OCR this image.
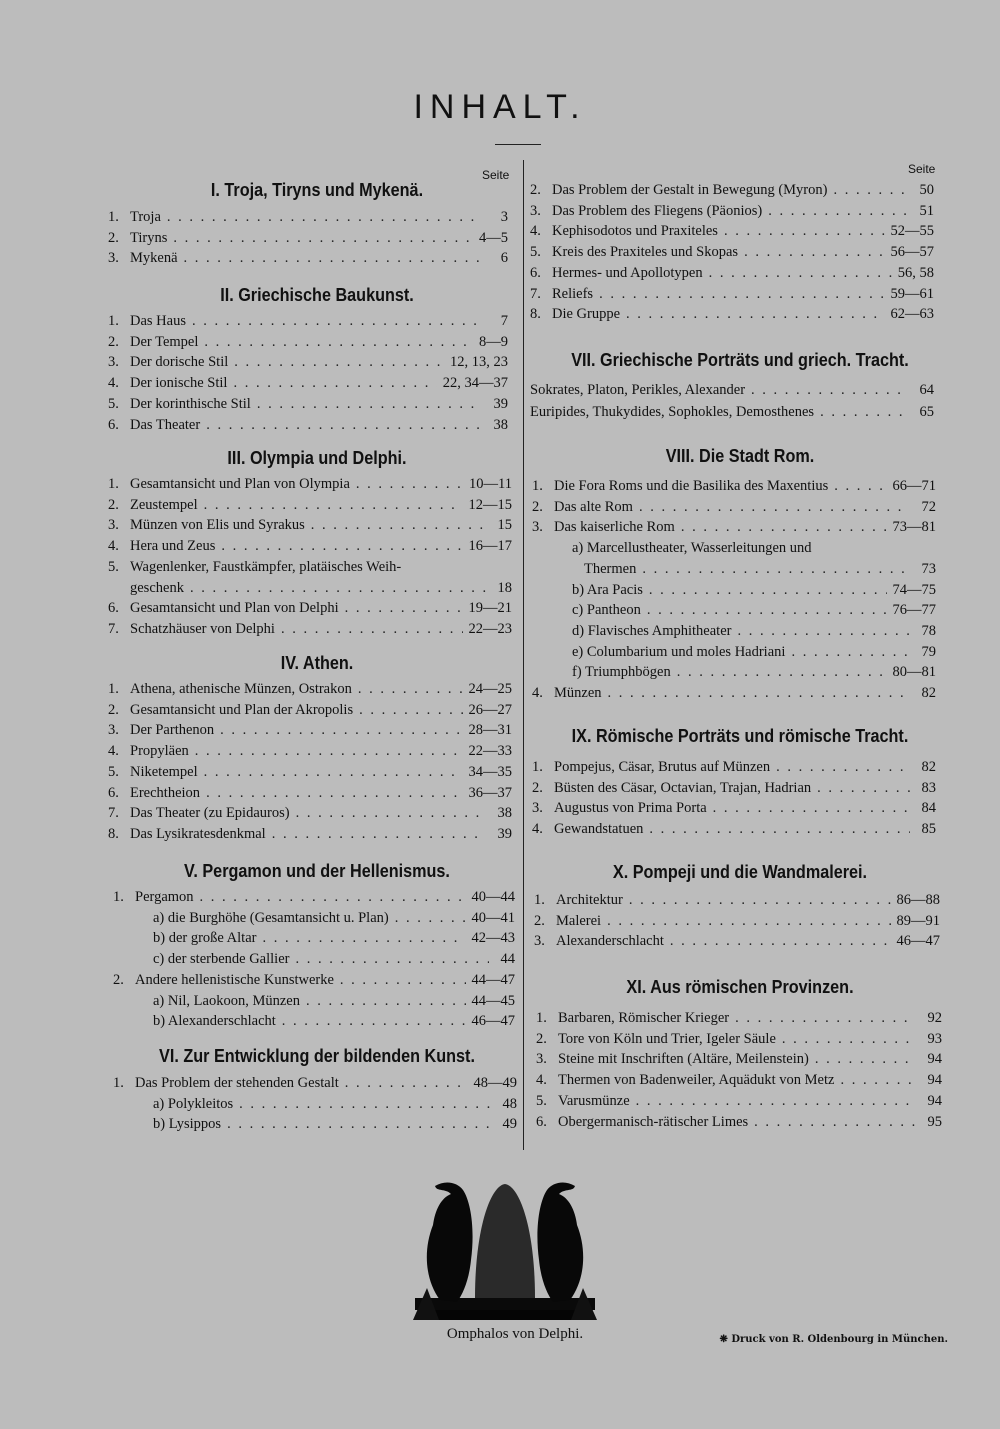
INHALT.
Seite	Seite
I. Troja, Tiryns und Mykenä.
1. Troja . . .	3
2. Tiryns . . .	4—5
3. Mykenä . . .	6
II. Griechische Baukunst.
1. Das Haus . . .	7
2. Der Tempel . . .	8—9
3. Der dorische Stil . . .	12, 13, 23
4. Der ionische Stil . . .	22, 34—37
5. Der korinthische Stil . . .	39
6. Das Theater . . .	38
III. Olympia und Delphi.
1. Gesamtansicht und Plan von Olympia . . .	10—11
2. Zeustempel . . .	12—15
3. Münzen von Elis und Syrakus . . .	15
4. Hera und Zeus . . .	16—17
5. Wagenlenker, Faustkämpfer, platäisches Weih-
geschenk . . .	18
6. Gesamtansicht und Plan von Delphi . . .	19—21
7. Schatzhäuser von Delphi . . .	22—23
IV. Athen.
1. Athena, athenische Münzen, Ostrakon . . .	24—25
2. Gesamtansicht und Plan der Akropolis . . .	26—27
3. Der Parthenon . . .	28—31
4. Propyläen . . .	22—33
5. Niketempel . . .	34—35
6. Erechtheion . . .	36—37
7. Das Theater (zu Epidauros) . . .	38
8. Das Lysikratesdenkmal . . .	39
V. Pergamon und der Hellenismus.
1. Pergamon . . .	40—44
a) die Burghöhe (Gesamtansicht u. Plan) . . .	40—41
b) der große Altar . . .	42—43
c) der sterbende Gallier . . .	44
2. Andere hellenistische Kunstwerke . . .	44—47
a) Nil, Laokoon, Münzen . . .	44—45
b) Alexanderschlacht . . .	46—47
VI. Zur Entwicklung der bildenden Kunst.
1. Das Problem der stehenden Gestalt . . .	48—49
a) Polykleitos . . .	48
b) Lysippos . . .	49
2. Das Problem der Gestalt in Bewegung (Myron) . . .	50
3. Das Problem des Fliegens (Päonios) . . .	51
4. Kephisodotos und Praxiteles . . .	52—55
5. Kreis des Praxiteles und Skopas . . .	56—57
6. Hermes- und Apollotypen . . .	56, 58
7. Reliefs . . .	59—61
8. Die Gruppe . . .	62—63
VII. Griechische Porträts und griech. Tracht.
Sokrates, Platon, Perikles, Alexander . . .	64
Euripides, Thukydides, Sophokles, Demosthenes . . .	65
VIII. Die Stadt Rom.
1. Die Fora Roms und die Basilika des Maxentius . . .	66—71
2. Das alte Rom . . .	72
3. Das kaiserliche Rom . . .	73—81
a) Marcellustheater, Wasserleitungen und
Thermen . . .	73
b) Ara Pacis . . .	74—75
c) Pantheon . . .	76—77
d) Flavisches Amphitheater . . .	78
e) Columbarium und moles Hadriani . . .	79
f) Triumphbögen . . .	80—81
4. Münzen . . .	82
IX. Römische Porträts und römische Tracht.
1. Pompejus, Cäsar, Brutus auf Münzen . . .	82
2. Büsten des Cäsar, Octavian, Trajan, Hadrian . . .	83
3. Augustus von Prima Porta . . .	84
4. Gewandstatuen . . .	85
X. Pompeji und die Wandmalerei.
1. Architektur . . .	86—88
2. Malerei . . .	89—91
3. Alexanderschlacht . . .	46—47
XI. Aus römischen Provinzen.
1. Barbaren, Römischer Krieger . . .	92
2. Tore von Köln und Trier, Igeler Säule . . .	93
3. Steine mit Inschriften (Altäre, Meilenstein) . . .	94
4. Thermen von Badenweiler, Aquädukt von Metz . . .	94
5. Varusmünze . . .	94
6. Obergermanisch-rätischer Limes . . .	95
Omphalos von Delphi.	❋ Druck von R. Oldenbourg in München.
